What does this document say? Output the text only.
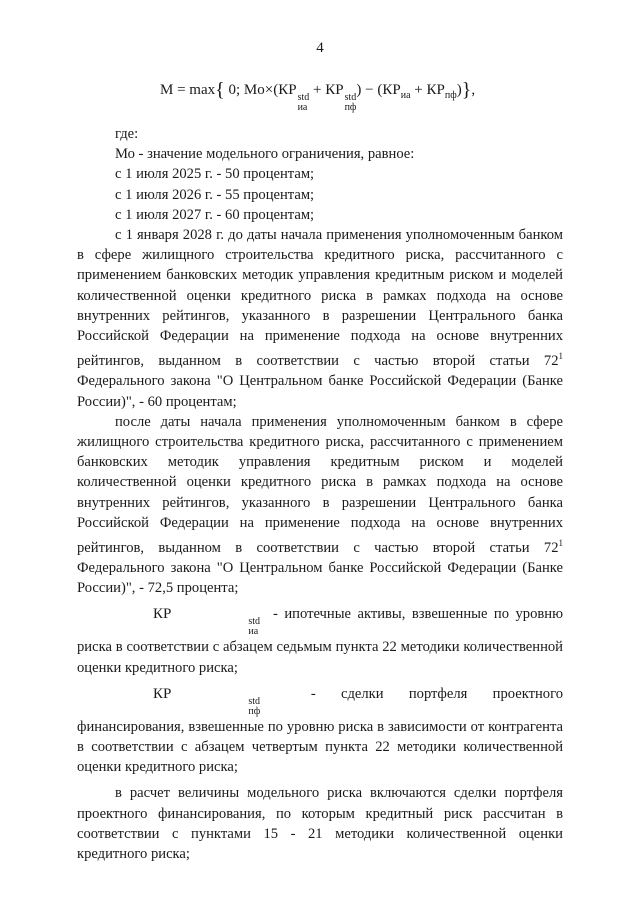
4
M = max{ 0; Mo×(КР std
иа
+ КР std
пф
) − $(КР_{иа} + КР_{пф})$},

где:

Мо - значение модельного ограничения, равное:

с 1 июля 2025 г. - 50 процентам;

с 1 июля 2026 г. - 55 процентам;

с 1 июля 2027 г. - 60 процентам;

с 1 января 2028 г. до даты начала применения уполномоченным банком в сфере жилищного строительства кредитного риска, рассчитанного с применением банковских методик управления кредитным риском и моделей количественной оценки кредитного риска в рамках подхода на основе внутренних рейтингов, указанного в разрешении Центрального банка Российской Федерации на применение подхода на основе внутренних рейтингов, выданном в соответствии с частью второй статьи $72^1$ Федерального закона "О Центральном банке Российской Федерации (Банке России)", - 60 процентам;

после даты начала применения уполномоченным банком в сфере жилищного строительства кредитного риска, рассчитанного с применением банковских методик управления кредитным риском и моделей количественной оценки кредитного риска в рамках подхода на основе внутренних рейтингов, указанного в разрешении Центрального банка Российской Федерации на применение подхода на основе внутренних рейтингов, выданном в соответствии с частью второй статьи $72^1$ Федерального закона "О Центральном банке Российской Федерации (Банке России)", - 72,5 процента;

КР	std
иа
- ипотечные активы, взвешенные по уровню риска в соответствии с абзацем седьмым пункта 22 методики количественной оценки кредитного риска;

КР	std
пф
- сделки портфеля проектного финансирования, взвешенные по уровню риска в зависимости от контрагента в соответствии с абзацем четвертым пункта 22 методики количественной оценки кредитного риска;

в расчет величины модельного риска включаются сделки портфеля проектного финансирования, по которым кредитный риск рассчитан в соответствии с пунктами 15 - 21 методики количественной оценки кредитного риска;
